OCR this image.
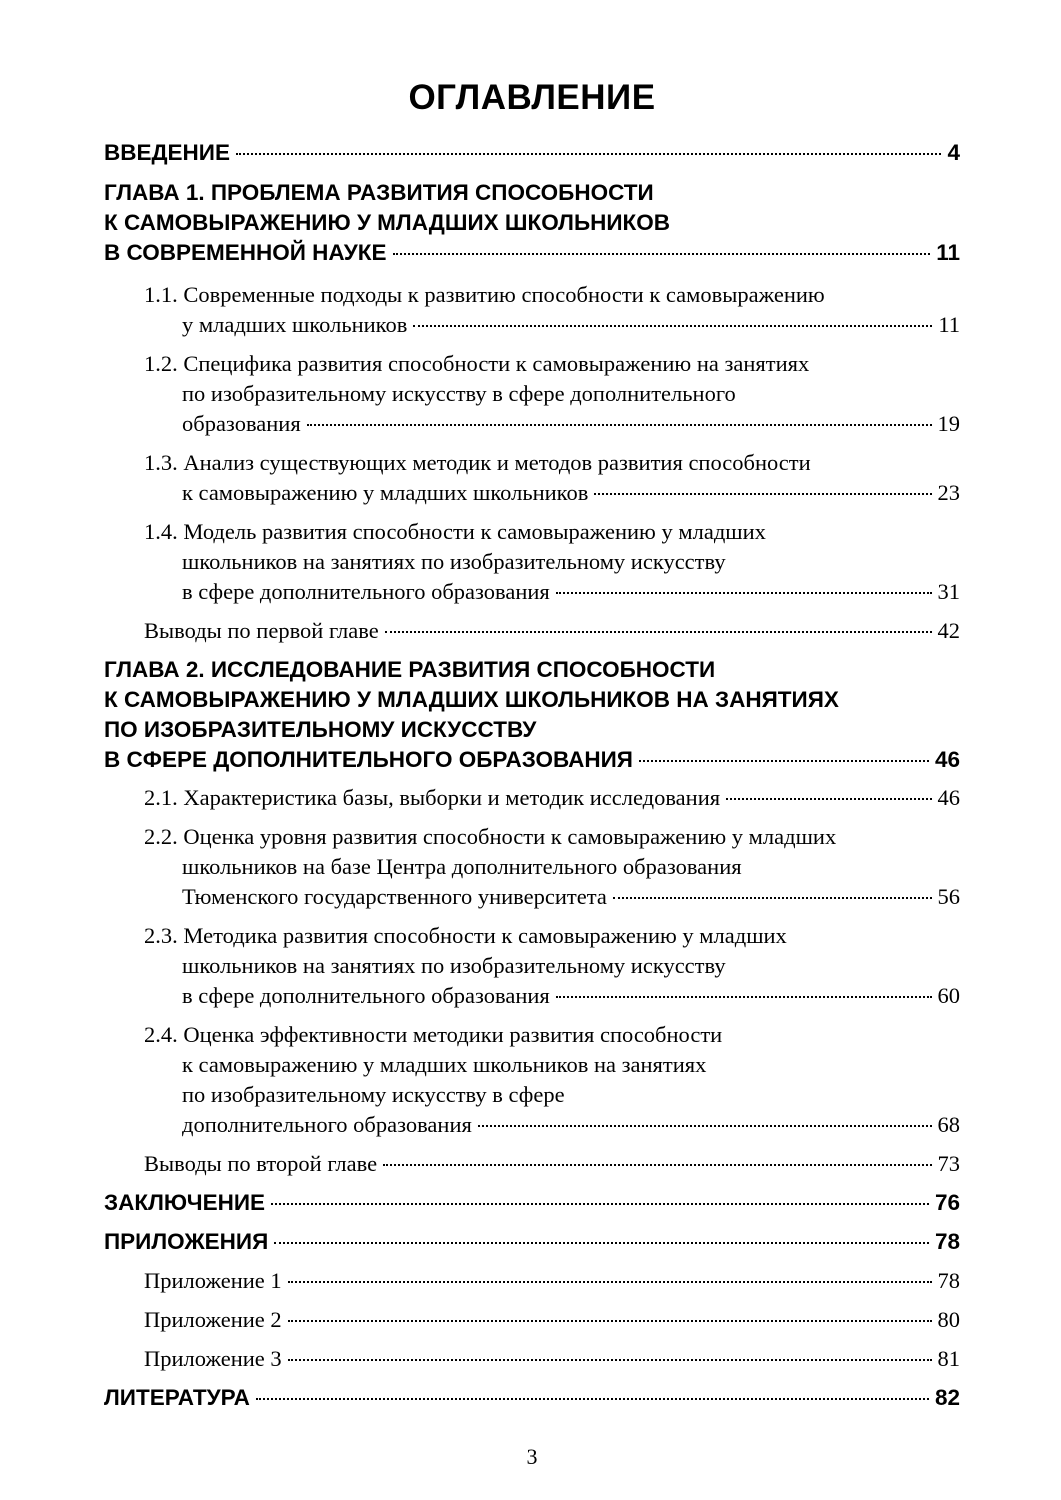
ОГЛАВЛЕНИЕ
ВВЕДЕНИЕ	4
ГЛАВА 1. ПРОБЛЕМА РАЗВИТИЯ СПОСОБНОСТИ
К САМОВЫРАЖЕНИЮ У МЛАДШИХ ШКОЛЬНИКОВ
В СОВРЕМЕННОЙ НАУКЕ	11
1.1. Современные подходы к развитию способности к самовыражению
у младших школьников	11
1.2. Специфика развития способности к самовыражению на занятиях
по изобразительному искусству в сфере дополнительного
образования	19
1.3. Анализ существующих методик и методов развития способности
к самовыражению у младших школьников	23
1.4. Модель развития способности к самовыражению у младших
школьников на занятиях по изобразительному искусству
в сфере дополнительного образования	31
Выводы по первой главе	42
ГЛАВА 2. ИССЛЕДОВАНИЕ РАЗВИТИЯ СПОСОБНОСТИ
К САМОВЫРАЖЕНИЮ У МЛАДШИХ ШКОЛЬНИКОВ НА ЗАНЯТИЯХ
ПО ИЗОБРАЗИТЕЛЬНОМУ ИСКУССТВУ
В СФЕРЕ ДОПОЛНИТЕЛЬНОГО ОБРАЗОВАНИЯ	46
2.1. Характеристика базы, выборки и методик исследования	46
2.2. Оценка уровня развития способности к самовыражению у младших
школьников на базе Центра дополнительного образования
Тюменского государственного университета	56
2.3. Методика развития способности к самовыражению у младших
школьников на занятиях по изобразительному искусству
в сфере дополнительного образования	60
2.4. Оценка эффективности методики развития способности
к самовыражению у младших школьников на занятиях
по изобразительному искусству в сфере
дополнительного образования	68
Выводы по второй главе	73
ЗАКЛЮЧЕНИЕ	76
ПРИЛОЖЕНИЯ	78
Приложение 1	78
Приложение 2	80
Приложение 3	81
ЛИТЕРАТУРА	82
3
